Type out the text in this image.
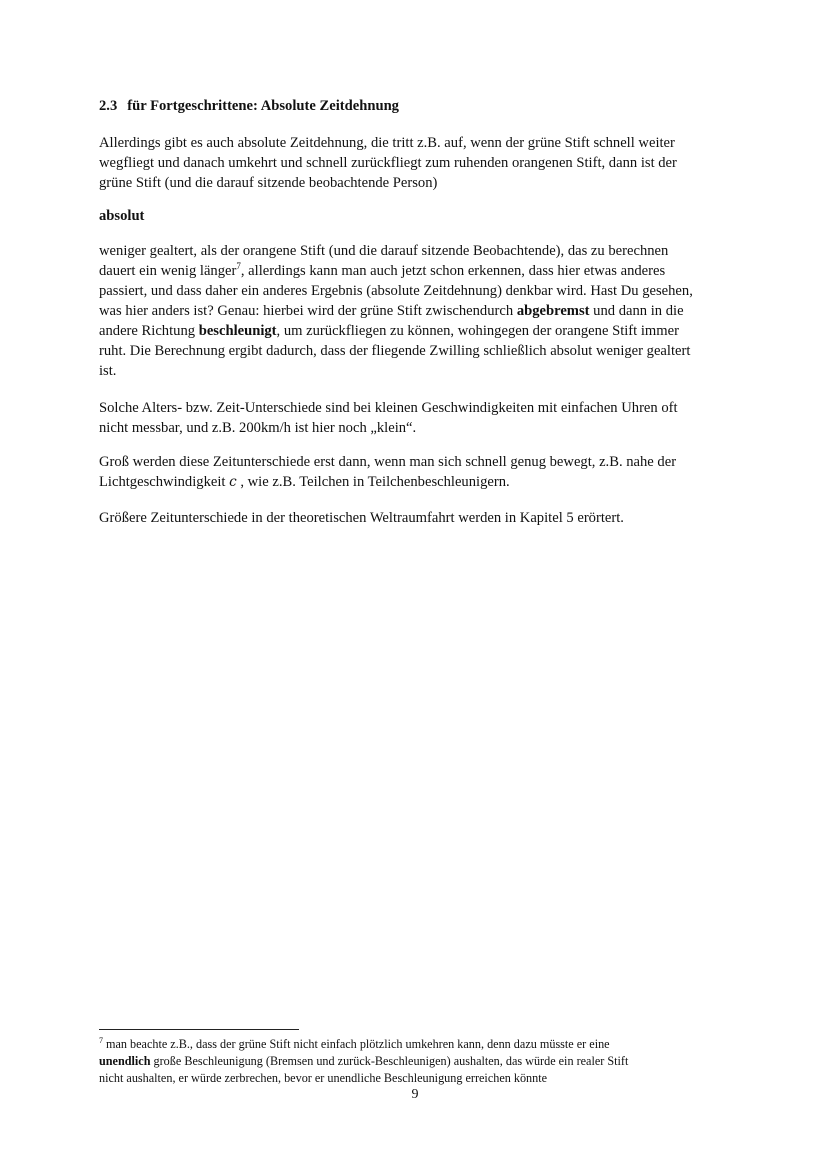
2.3 für Fortgeschrittene: Absolute Zeitdehnung

Allerdings gibt es auch absolute Zeitdehnung, die tritt z.B. auf, wenn der grüne Stift schnell weiter
wegfliegt und danach umkehrt und schnell zurückfliegt zum ruhenden orangenen Stift, dann ist der
grüne Stift (und die darauf sitzende beobachtende Person)

absolut

weniger gealtert, als der orangene Stift (und die darauf sitzende Beobachtende), das zu berechnen
dauert ein wenig länger$^7$, allerdings kann man auch jetzt schon erkennen, dass hier etwas anderes
passiert, und dass daher ein anderes Ergebnis (absolute Zeitdehnung) denkbar wird. Hast Du gesehen,
was hier anders ist? Genau: hierbei wird der grüne Stift zwischendurch abgebremst und dann in die
andere Richtung beschleunigt, um zurückfliegen zu können, wohingegen der orangene Stift immer
ruht. Die Berechnung ergibt dadurch, dass der fliegende Zwilling schließlich absolut weniger gealtert
ist.

Solche Alters- bzw. Zeit-Unterschiede sind bei kleinen Geschwindigkeiten mit einfachen Uhren oft
nicht messbar, und z.B. 200km/h ist hier noch „klein“.

Groß werden diese Zeitunterschiede erst dann, wenn man sich schnell genug bewegt, z.B. nahe der
Lichtgeschwindigkeit c , wie z.B. Teilchen in Teilchenbeschleunigern.

Größere Zeitunterschiede in der theoretischen Weltraumfahrt werden in Kapitel 5 erörtert.

$^7$ man beachte z.B., dass der grüne Stift nicht einfach plötzlich umkehren kann, denn dazu müsste er eine
unendlich große Beschleunigung (Bremsen und zurück-Beschleunigen) aushalten, das würde ein realer Stift
nicht aushalten, er würde zerbrechen, bevor er unendliche Beschleunigung erreichen könnte
9
